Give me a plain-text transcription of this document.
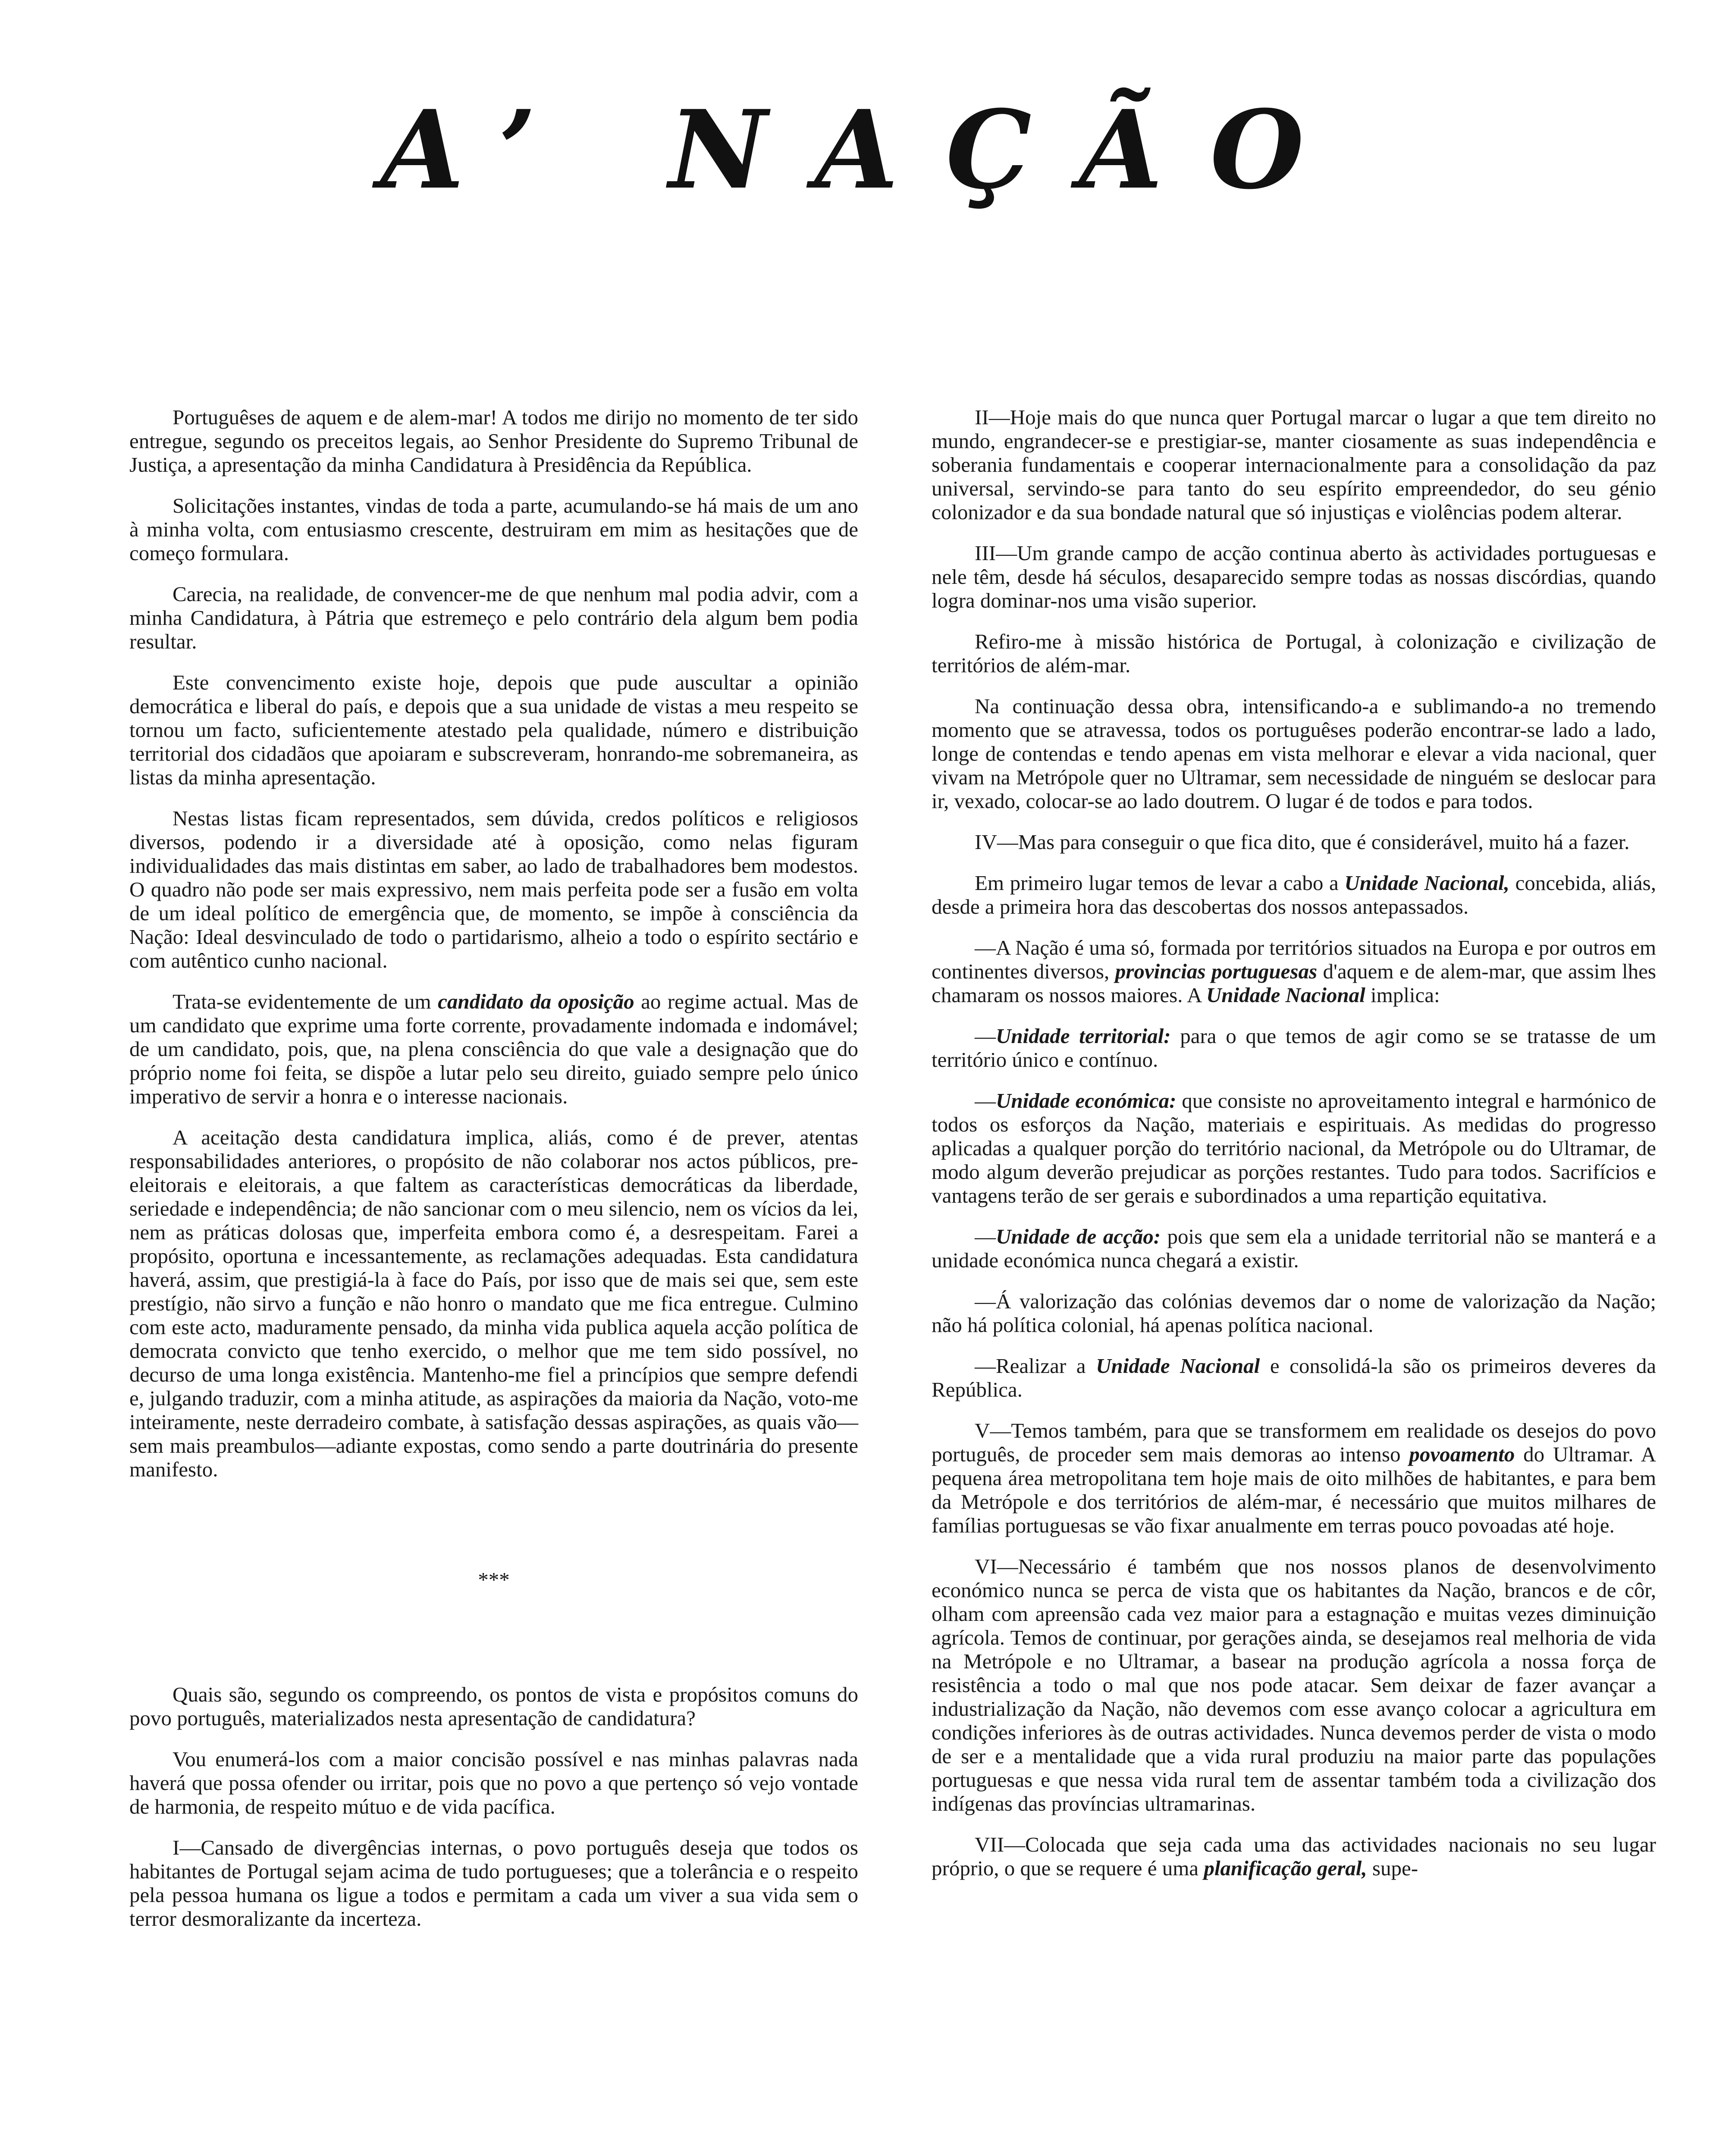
A’ NAÇÃO

Portuguêses de aquem e de alem-mar! A todos me dirijo no momento de ter sido entregue, segundo os preceitos legais, ao Senhor Presidente do Supremo Tribunal de Justiça, a apresentação da minha Candidatura à Presidência da República.

Solicitações instantes, vindas de toda a parte, acumulando-se há mais de um ano à minha volta, com entusiasmo crescente, destruiram em mim as hesitações que de começo formulara.

Carecia, na realidade, de convencer-me de que nenhum mal podia advir, com a minha Candidatura, à Pátria que estremeço e pelo contrário dela algum bem podia resultar.

Este convencimento existe hoje, depois que pude auscultar a opinião democrática e liberal do país, e depois que a sua unidade de vistas a meu respeito se tornou um facto, suficientemente atestado pela qualidade, número e distribuição territorial dos cidadãos que apoiaram e subscreveram, honrando-me sobremaneira, as listas da minha apresentação.

Nestas listas ficam representados, sem dúvida, credos políticos e religiosos diversos, podendo ir a diversidade até à oposição, como nelas figuram individualidades das mais distintas em saber, ao lado de trabalhadores bem modestos. O quadro não pode ser mais expressivo, nem mais perfeita pode ser a fusão em volta de um ideal político de emergência que, de momento, se impõe à consciência da Nação: Ideal desvinculado de todo o partidarismo, alheio a todo o espírito sectário e com autêntico cunho nacional.

Trata-se evidentemente de um candidato da oposição ao regime actual. Mas de um candidato que exprime uma forte corrente, provadamente indomada e indomável; de um candidato, pois, que, na plena consciência do que vale a designação que do próprio nome foi feita, se dispõe a lutar pelo seu direito, guiado sempre pelo único imperativo de servir a honra e o interesse nacionais.

A aceitação desta candidatura implica, aliás, como é de prever, atentas responsabilidades anteriores, o propósito de não colaborar nos actos públicos, pre-eleitorais e eleitorais, a que faltem as características democráticas da liberdade, seriedade e independência; de não sancionar com o meu silencio, nem os vícios da lei, nem as práticas dolosas que, imperfeita embora como é, a desrespeitam. Farei a propósito, oportuna e incessantemente, as reclamações adequadas. Esta candidatura haverá, assim, que prestigiá-la à face do País, por isso que de mais sei que, sem este prestígio, não sirvo a função e não honro o mandato que me fica entregue. Culmino com este acto, maduramente pensado, da minha vida publica aquela acção política de democrata convicto que tenho exercido, o melhor que me tem sido possível, no decurso de uma longa existência. Mantenho-me fiel a princípios que sempre defendi e, julgando traduzir, com a minha atitude, as aspirações da maioria da Nação, voto-me inteiramente, neste derradeiro combate, à satisfação dessas aspirações, as quais vão—sem mais preambulos—adiante expostas, como sendo a parte doutrinária do presente manifesto.

***

Quais são, segundo os compreendo, os pontos de vista e propósitos comuns do povo português, materializados nesta apresentação de candidatura?

Vou enumerá-los com a maior concisão possível e nas minhas palavras nada haverá que possa ofender ou irritar, pois que no povo a que pertenço só vejo vontade de harmonia, de respeito mútuo e de vida pacífica.

I—Cansado de divergências internas, o povo português deseja que todos os habitantes de Portugal sejam acima de tudo portugueses; que a tolerância e o respeito pela pessoa humana os ligue a todos e permitam a cada um viver a sua vida sem o terror desmoralizante da incerteza.

II—Hoje mais do que nunca quer Portugal marcar o lugar a que tem direito no mundo, engrandecer-se e prestigiar-se, manter ciosamente as suas independência e soberania fundamentais e cooperar internacionalmente para a consolidação da paz universal, servindo-se para tanto do seu espírito empreendedor, do seu génio colonizador e da sua bondade natural que só injustiças e violências podem alterar.

III—Um grande campo de acção continua aberto às actividades portuguesas e nele têm, desde há séculos, desaparecido sempre todas as nossas discórdias, quando logra dominar-nos uma visão superior.

Refiro-me à missão histórica de Portugal, à colonização e civilização de territórios de além-mar.

Na continuação dessa obra, intensificando-a e sublimando-a no tremendo momento que se atravessa, todos os portuguêses poderão encontrar-se lado a lado, longe de contendas e tendo apenas em vista melhorar e elevar a vida nacional, quer vivam na Metrópole quer no Ultramar, sem necessidade de ninguém se deslocar para ir, vexado, colocar-se ao lado doutrem. O lugar é de todos e para todos.

IV—Mas para conseguir o que fica dito, que é considerável, muito há a fazer.

Em primeiro lugar temos de levar a cabo a Unidade Nacional, concebida, aliás, desde a primeira hora das descobertas dos nossos antepassados.

—A Nação é uma só, formada por territórios situados na Europa e por outros em continentes diversos, provincias portuguesas d'aquem e de alem-mar, que assim lhes chamaram os nossos maiores. A Unidade Nacional implica:

—Unidade territorial: para o que temos de agir como se se tratasse de um território único e contínuo.

—Unidade económica: que consiste no aproveitamento integral e harmónico de todos os esforços da Nação, materiais e espirituais. As medidas do progresso aplicadas a qualquer porção do território nacional, da Metrópole ou do Ultramar, de modo algum deverão prejudicar as porções restantes. Tudo para todos. Sacrifícios e vantagens terão de ser gerais e subordinados a uma repartição equitativa.

—Unidade de acção: pois que sem ela a unidade territorial não se manterá e a unidade económica nunca chegará a existir.

—Á valorização das colónias devemos dar o nome de valorização da Nação; não há política colonial, há apenas política nacional.

—Realizar a Unidade Nacional e consolidá-la são os primeiros deveres da República.

V—Temos também, para que se transformem em realidade os desejos do povo português, de proceder sem mais demoras ao intenso povoamento do Ultramar. A pequena área metropolitana tem hoje mais de oito milhões de habitantes, e para bem da Metrópole e dos territórios de além-mar, é necessário que muitos milhares de famílias portuguesas se vão fixar anualmente em terras pouco povoadas até hoje.

VI—Necessário é também que nos nossos planos de desenvolvimento económico nunca se perca de vista que os habitantes da Nação, brancos e de côr, olham com apreensão cada vez maior para a estagnação e muitas vezes diminuição agrícola. Temos de continuar, por gerações ainda, se desejamos real melhoria de vida na Metrópole e no Ultramar, a basear na produção agrícola a nossa força de resistência a todo o mal que nos pode atacar. Sem deixar de fazer avançar a industrialização da Nação, não devemos com esse avanço colocar a agricultura em condições inferiores às de outras actividades. Nunca devemos perder de vista o modo de ser e a mentalidade que a vida rural produziu na maior parte das populações portuguesas e que nessa vida rural tem de assentar também toda a civilização dos indígenas das províncias ultramarinas.

VII—Colocada que seja cada uma das actividades nacionais no seu lugar próprio, o que se requere é uma planificação geral, supe-
